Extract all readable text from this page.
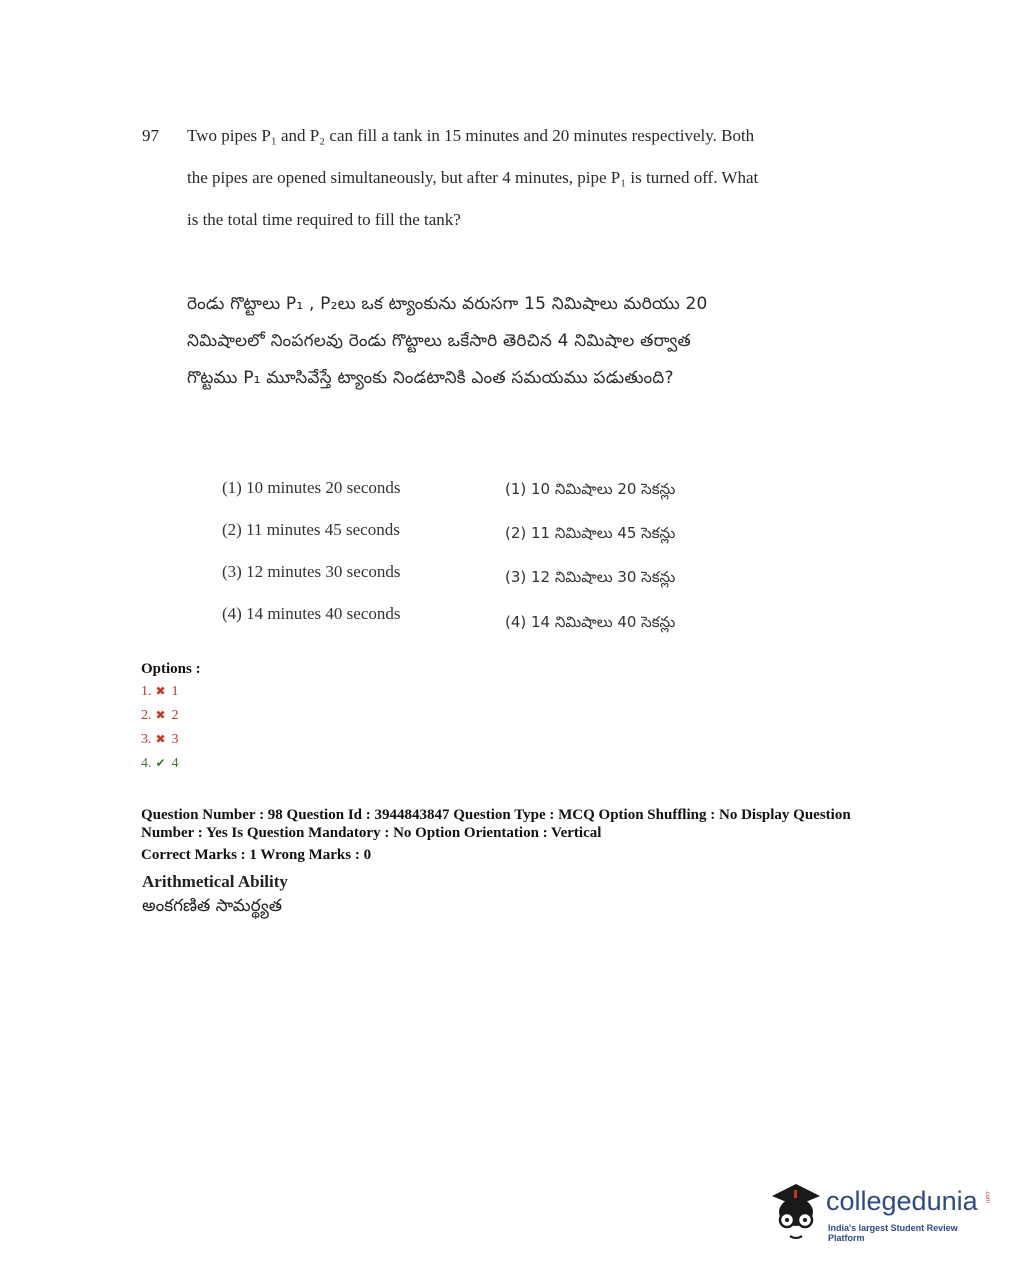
97 Two pipes P₁ and P₂ can fill a tank in 15 minutes and 20 minutes respectively. Both
the pipes are opened simultaneously, but after 4 minutes, pipe P₁ is turned off. What
is the total time required to fill the tank?
రెండు గొట్టాలు P₁ , P₂లు ఒక ట్యాంకును వరుసగా 15 నిమిషాలు మరియు 20
నిమిషాలలో నింపగలవు రెండు గొట్టాలు ఒకేసారి తెరిచిన 4 నిమిషాల తర్వాత
గొట్టము P₁ మూసివేస్తే ట్యాంకు నిండటానికి ఎంత సమయము పడుతుంది?
(1) 10 minutes 20 seconds
(2) 11 minutes 45 seconds
(3) 12 minutes 30 seconds
(4) 14 minutes 40 seconds
(1) 10 నిమిషాలు 20 సెకన్లు
(2) 11 నిమిషాలు 45 సెకన్లు
(3) 12 నిమిషాలు 30 సెకన్లు
(4) 14 నిమిషాలు 40 సెకన్లు
Options :
1. ✖ 1
2. ✖ 2
3. ✖ 3
4. ✔ 4
Question Number : 98 Question Id : 3944843847 Question Type : MCQ Option Shuffling : No Display Question
Number : Yes Is Question Mandatory : No Option Orientation : Vertical
Correct Marks : 1 Wrong Marks : 0
Arithmetical Ability
అంకగణిత సామర్థ్యత
collegedunia .com
India's largest Student Review Platform
